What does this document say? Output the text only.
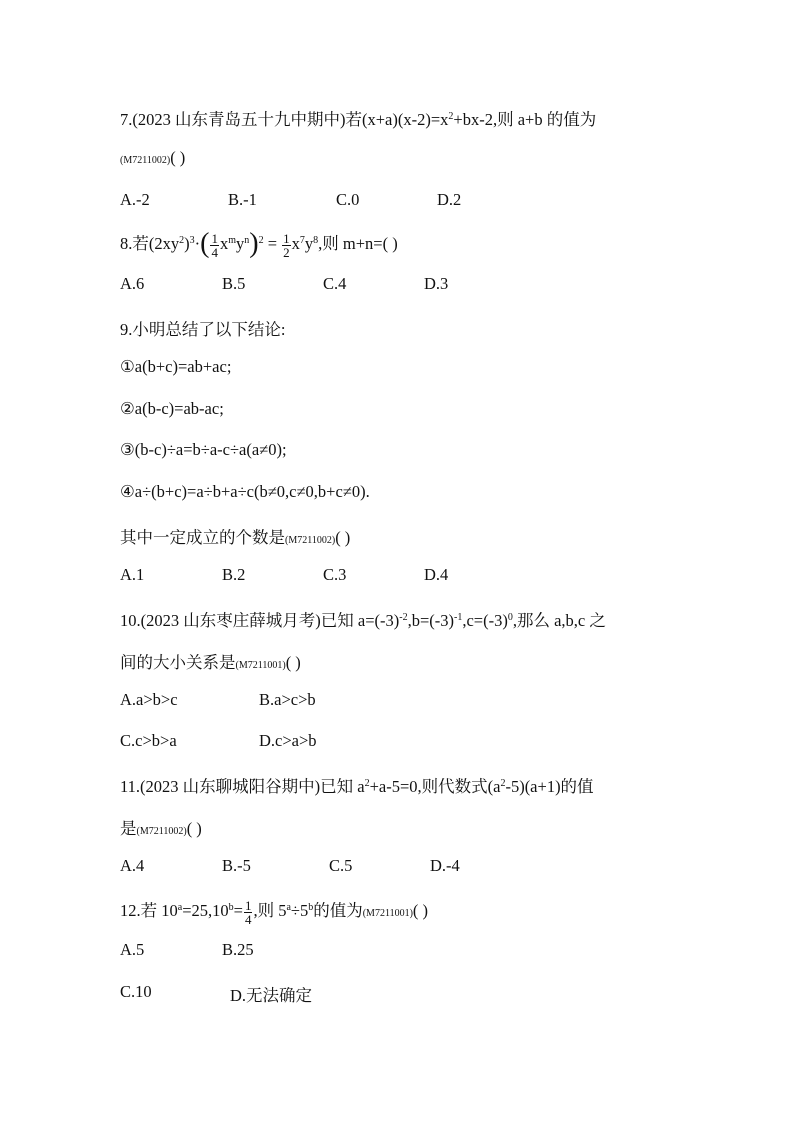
7.(2023 山东青岛五十九中期中)若$(x+a)(x-2)=x^2+bx-2$,则 a+b 的值为
(M7211002)( )
A.-2	B.-1	C.0	D.2
8.若$(2xy^2)^3\cdot( \frac{1}{4} x^my^n)^2 = \frac{1}{2} x^7y^8$,则 m+n=( )
A.6	B.5	C.4	D.3
9.小明总结了以下结论:
①a(b+c)=ab+ac;
②a(b-c)=ab-ac;
③(b-c)÷a=b÷a-c÷a(a≠0);
④a÷(b+c)=a÷b+a÷c(b≠0,c≠0,b+c≠0).
其中一定成立的个数是(M7211002)( )
A.1	B.2	C.3	D.4
10.(2023 山东枣庄薛城月考)已知 $a=(-3)^{-2},b=(-3)^{-1},c=(-3)^0$,那么 a,b,c 之
间的大小关系是(M7211001)( )
A.a>b>c	B.a>c>b
C.c>b>a	D.c>a>b
11.(2023 山东聊城阳谷期中)已知 $a^2+a-5=0$,则代数式$(a^2-5)(a+1)$的值
是(M7211002)( )
A.4	B.-5	C.5	D.-4
12.若 $10^a=25,10^b= \frac{1}{4}$ ,则 $5^a\div 5^b$的值为(M7211001)( )
A.5	B.25
C.10	D.无法确定
